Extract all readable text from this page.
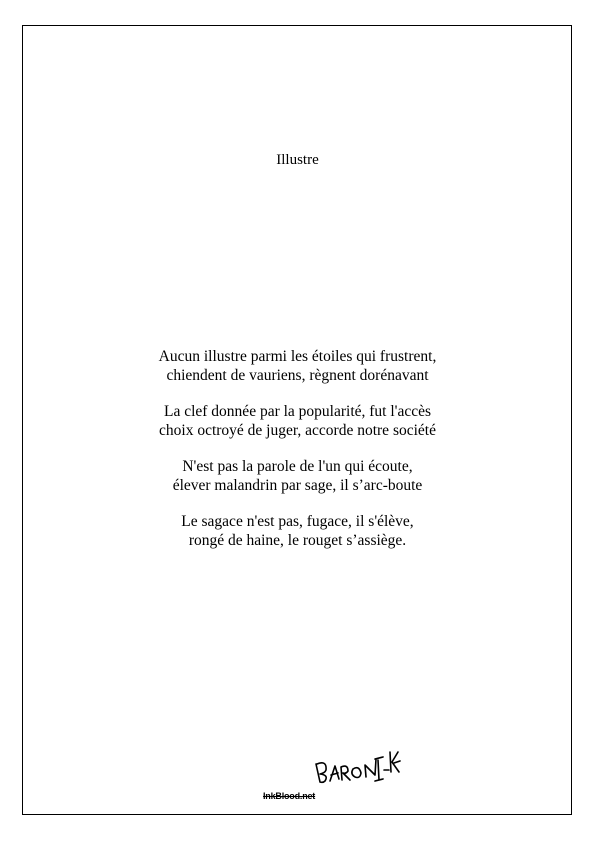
Illustre
Aucun illustre parmi les étoiles qui frustrent,
chiendent de vauriens, règnent dorénavant
La clef donnée par la popularité, fut l'accès
choix octroyé de juger, accorde notre société
N'est pas la parole de l'un qui écoute,
élever malandrin par sage, il s’arc-boute
Le sagace n'est pas, fugace, il s'élève,
rongé de haine, le rouget s’assiège.
InkBlood.net
